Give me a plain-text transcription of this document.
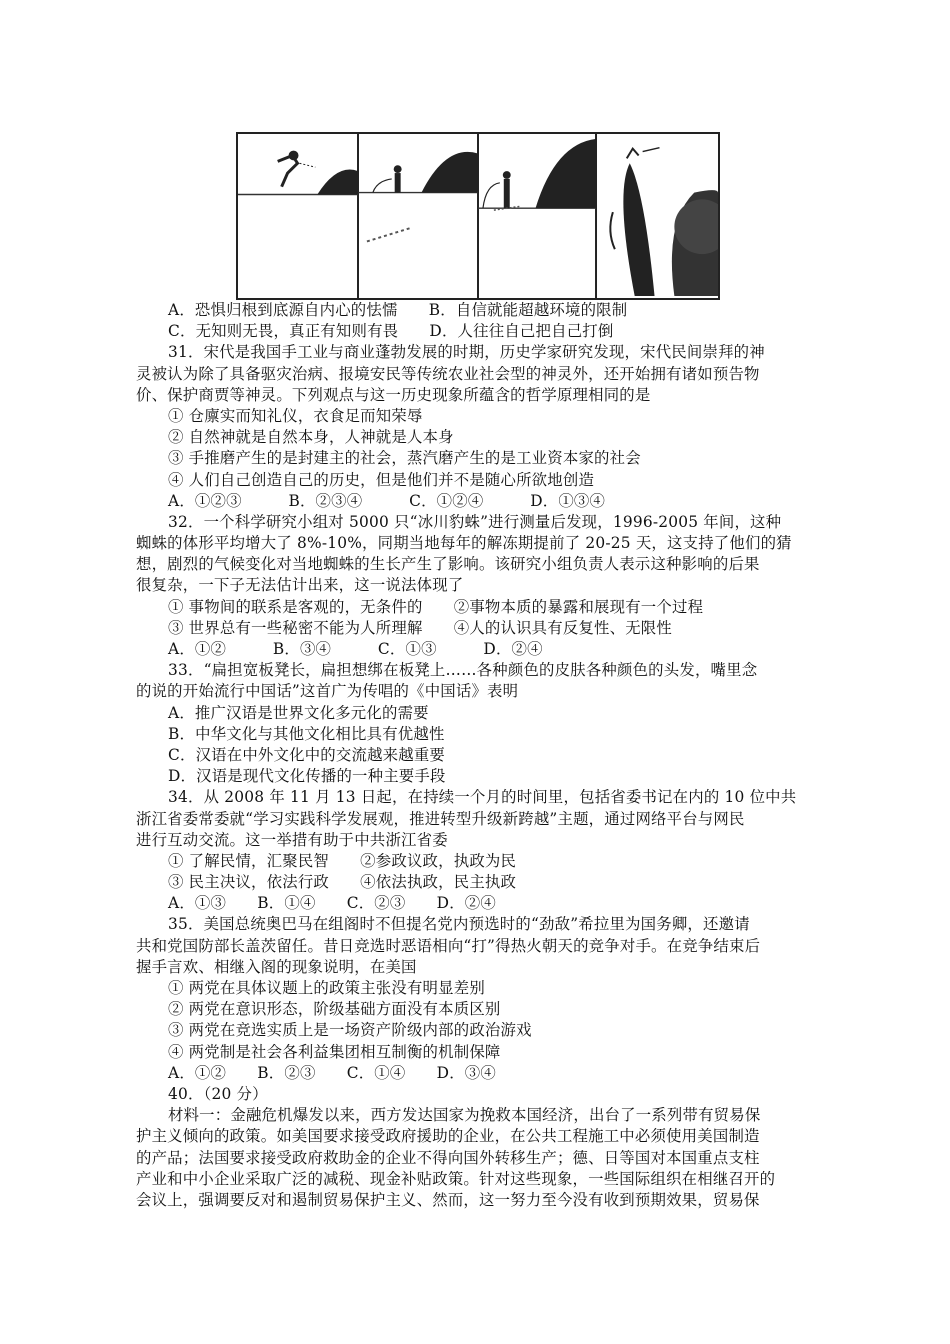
A．恐惧归根到底源自内心的怯懦　　B．自信就能超越环境的限制
C．无知则无畏，真正有知则有畏　　D．人往往自己把自己打倒
31．宋代是我国手工业与商业蓬勃发展的时期，历史学家研究发现，宋代民间崇拜的神
灵被认为除了具备驱灾治病、报境安民等传统农业社会型的神灵外，还开始拥有诸如预告物
价、保护商贾等神灵。下列观点与这一历史现象所蕴含的哲学原理相同的是
① 仓廪实而知礼仪，衣食足而知荣辱
② 自然神就是自然本身，人神就是人本身
③ 手推磨产生的是封建主的社会，蒸汽磨产生的是工业资本家的社会
④ 人们自己创造自己的历史，但是他们并不是随心所欲地创造
A．①②③　　　B．②③④　　　C．①②④　　　D．①③④
32．一个科学研究小组对 5000 只“冰川豹蛛”进行测量后发现，1996-2005 年间，这种
蜘蛛的体形平均增大了 8%-10%，同期当地每年的解冻期提前了 20-25 天，这支持了他们的猜
想，剧烈的气候变化对当地蜘蛛的生长产生了影响。该研究小组负责人表示这种影响的后果
很复杂，一下子无法估计出来，这一说法体现了
① 事物间的联系是客观的，无条件的　　②事物本质的暴露和展现有一个过程
③ 世界总有一些秘密不能为人所理解　　④人的认识具有反复性、无限性
A．①②　　　B．③④　　　C．①③　　　D．②④
33．“扁担宽板凳长，扁担想绑在板凳上……各种颜色的皮肤各种颜色的头发，嘴里念
的说的开始流行中国话”这首广为传唱的《中国话》表明
A．推广汉语是世界文化多元化的需要
B．中华文化与其他文化相比具有优越性
C．汉语在中外文化中的交流越来越重要
D．汉语是现代文化传播的一种主要手段
34．从 2008 年 11 月 13 日起，在持续一个月的时间里，包括省委书记在内的 10 位中共
浙江省委常委就“学习实践科学发展观，推进转型升级新跨越”主题，通过网络平台与网民
进行互动交流。这一举措有助于中共浙江省委
① 了解民情，汇聚民智　　②参政议政，执政为民
③ 民主决议，依法行政　　④依法执政，民主执政
A．①③　　B．①④　　C．②③　　D．②④
35．美国总统奥巴马在组阁时不但提名党内预选时的“劲敌”希拉里为国务卿，还邀请
共和党国防部长盖茨留任。昔日竞选时恶语相向“打”得热火朝天的竞争对手。在竞争结束后
握手言欢、相继入阁的现象说明，在美国
① 两党在具体议题上的政策主张没有明显差别
② 两党在意识形态，阶级基础方面没有本质区别
③ 两党在竞选实质上是一场资产阶级内部的政治游戏
④ 两党制是社会各利益集团相互制衡的机制保障
A．①②　　B．②③　　C．①④　　D．③④
40．（20 分）
材料一：金融危机爆发以来，西方发达国家为挽救本国经济，出台了一系列带有贸易保
护主义倾向的政策。如美国要求接受政府援助的企业，在公共工程施工中必须使用美国制造
的产品；法国要求接受政府救助金的企业不得向国外转移生产；德、日等国对本国重点支柱
产业和中小企业采取广泛的减税、现金补贴政策。针对这些现象，一些国际组织在相继召开的
会议上，强调要反对和遏制贸易保护主义、然而，这一努力至今没有收到预期效果，贸易保
